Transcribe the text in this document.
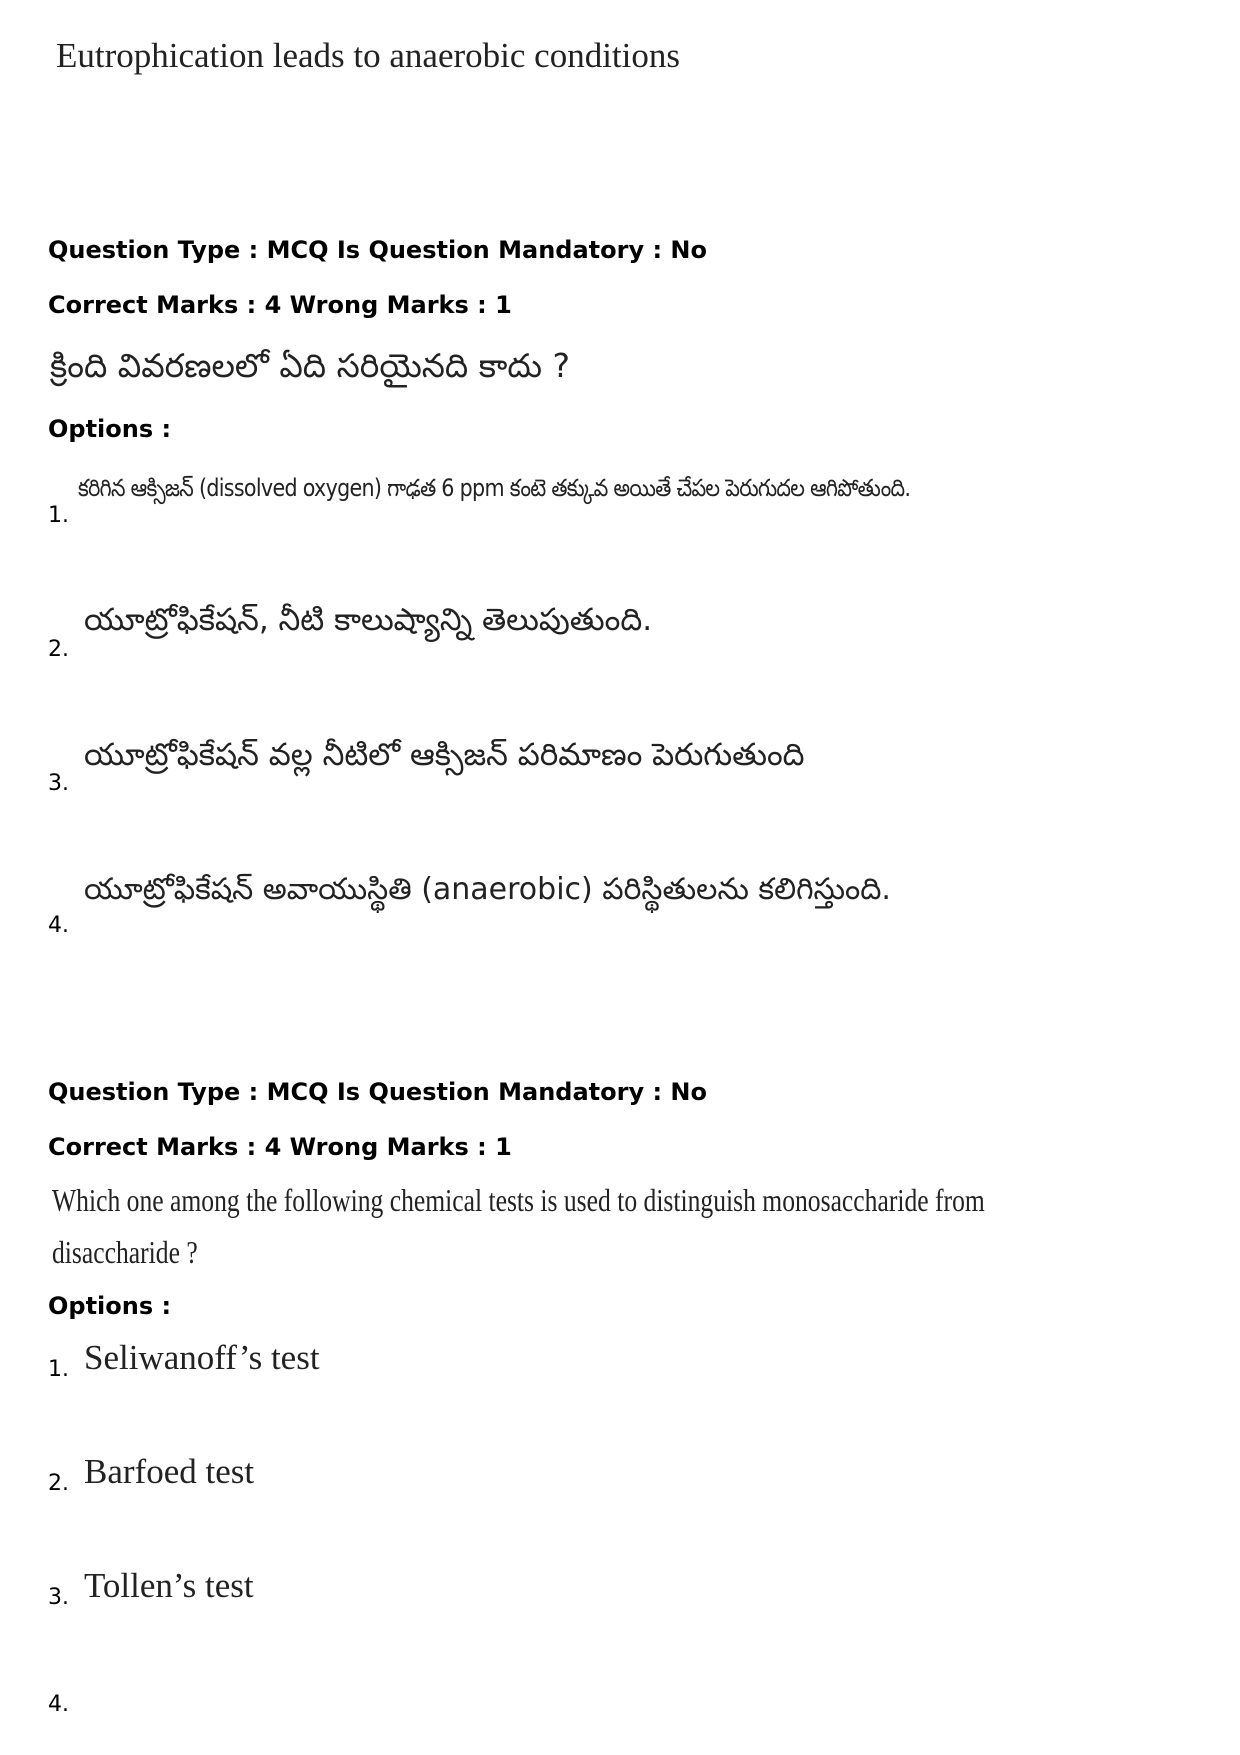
Eutrophication leads to anaerobic conditions
Question Type : MCQ Is Question Mandatory : No
Correct Marks : 4 Wrong Marks : 1
క్రింది వివరణలలో ఏది సరియైనది కాదు ?
Options :
1.
కరిగిన ఆక్సిజన్ (dissolved oxygen) గాఢత 6 ppm కంటె తక్కువ అయితే చేపల పెరుగుదల ఆగిపోతుంది.
2.
యూట్రోఫికేషన్, నీటి కాలుష్యాన్ని తెలుపుతుంది.
3.
యూట్రోఫికేషన్ వల్ల నీటిలో ఆక్సిజన్ పరిమాణం పెరుగుతుంది
4.
యూట్రోఫికేషన్ అవాయుస్థితి (anaerobic) పరిస్థితులను కలిగిస్తుంది.
Question Type : MCQ Is Question Mandatory : No
Correct Marks : 4 Wrong Marks : 1
Which one among the following chemical tests is used to distinguish monosaccharide from
disaccharide ?
Options :
1. Seliwanoff’s test
2. Barfoed test
3. Tollen’s test
4.
